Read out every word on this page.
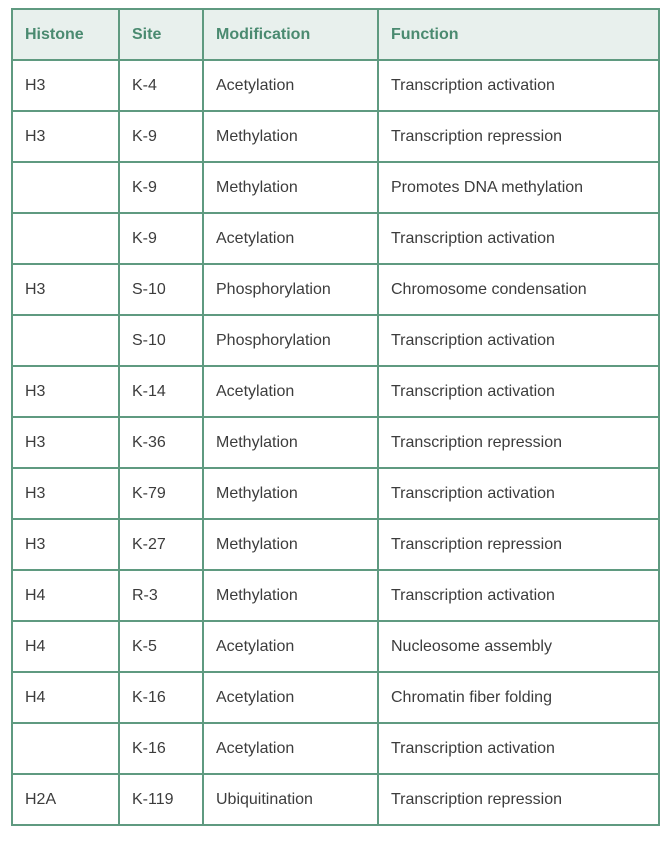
Histone	Site	Modification	Function
H3	K-4	Acetylation	Transcription activation
H3	K-9	Methylation	Transcription repression
	K-9	Methylation	Promotes DNA methylation
	K-9	Acetylation	Transcription activation
H3	S-10	Phosphorylation	Chromosome condensation
	S-10	Phosphorylation	Transcription activation
H3	K-14	Acetylation	Transcription activation
H3	K-36	Methylation	Transcription repression
H3	K-79	Methylation	Transcription activation
H3	K-27	Methylation	Transcription repression
H4	R-3	Methylation	Transcription activation
H4	K-5	Acetylation	Nucleosome assembly
H4	K-16	Acetylation	Chromatin fiber folding
	K-16	Acetylation	Transcription activation
H2A	K-119	Ubiquitination	Transcription repression
